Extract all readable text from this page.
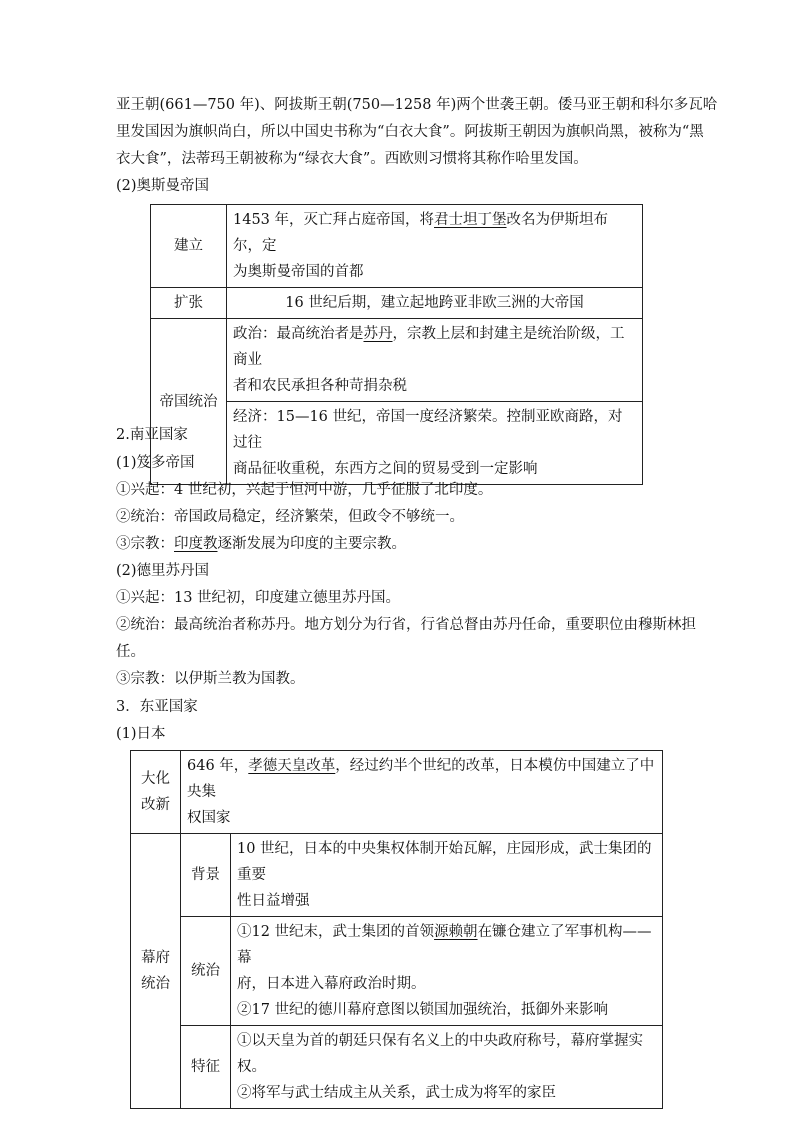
亚王朝(661—750 年)、阿拔斯王朝(750—1258 年)两个世袭王朝。倭马亚王朝和科尔多瓦哈
里发国因为旗帜尚白，所以中国史书称为“白衣大食”。阿拔斯王朝因为旗帜尚黑，被称为“黑
衣大食”，法蒂玛王朝被称为“绿衣大食”。西欧则习惯将其称作哈里发国。
(2)奥斯曼帝国
建立	1453 年，灭亡拜占庭帝国，将君士坦丁堡改名为伊斯坦布尔，定
为奥斯曼帝国的首都

扩张	16 世纪后期，建立起地跨亚非欧三洲的大帝国
帝国统治	政治：最高统治者是苏丹，宗教上层和封建主是统治阶级，工商业
者和农民承担各种苛捐杂税

	经济：15—16 世纪，帝国一度经济繁荣。控制亚欧商路，对过往
商品征收重税，东西方之间的贸易受到一定影响
2.南亚国家
(1)笈多帝国
①兴起：4 世纪初，兴起于恒河中游，几乎征服了北印度。
②统治：帝国政局稳定，经济繁荣，但政令不够统一。
③宗教：印度教逐渐发展为印度的主要宗教。
(2)德里苏丹国
①兴起：13 世纪初，印度建立德里苏丹国。
②统治：最高统治者称苏丹。地方划分为行省，行省总督由苏丹任命，重要职位由穆斯林担
任。
③宗教：以伊斯兰教为国教。
3．东亚国家
(1)日本
大化
改新	646 年，孝德天皇改革，经过约半个世纪的改革，日本模仿中国建立了中央集
权国家	

幕府
统治	背景	10 世纪，日本的中央集权体制开始瓦解，庄园形成，武士集团的重要
性日益增强

	统治	①12 世纪末，武士集团的首领源赖朝在镰仓建立了军事机构——幕
府，日本进入幕府政治时期。
②17 世纪的德川幕府意图以锁国加强统治，抵御外来影响

	特征	①以天皇为首的朝廷只保有名义上的中央政府称号，幕府掌握实权。
②将军与武士结成主从关系，武士成为将军的家臣
